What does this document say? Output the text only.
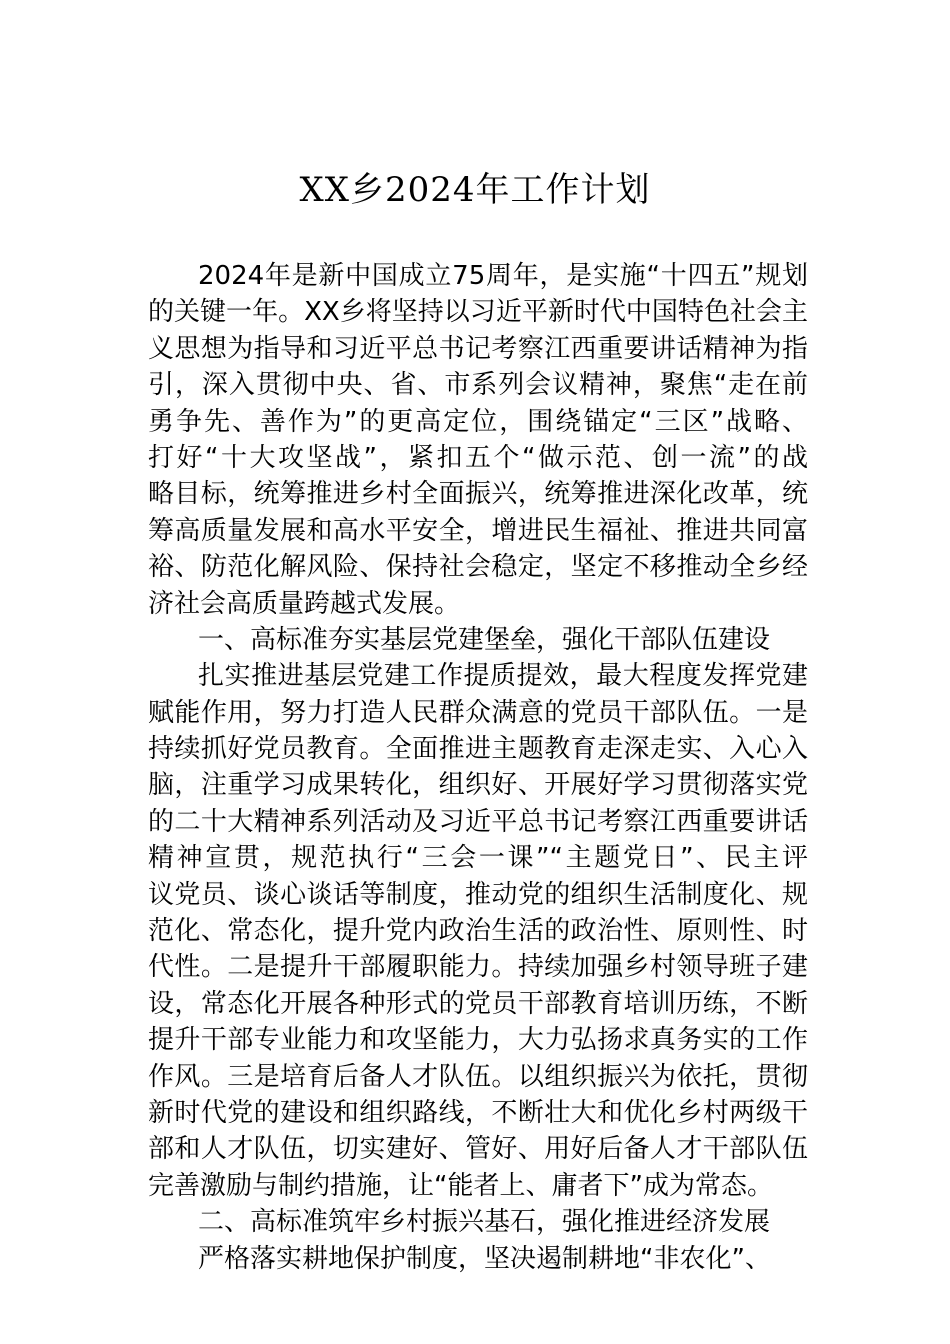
XX乡2024年工作计划
2024年是新中国成立75周年，是实施“十四五”规划
的关键一年。XX乡将坚持以习近平新时代中国特色社会主
义思想为指导和习近平总书记考察江西重要讲话精神为指
引，深入贯彻中央、省、市系列会议精神，聚焦“走在前
勇争先、善作为”的更高定位，围绕锚定“三区”战略、
打好“十大攻坚战”，紧扣五个“做示范、创一流”的战
略目标，统筹推进乡村全面振兴，统筹推进深化改革，统
筹高质量发展和高水平安全，增进民生福祉、推进共同富
裕、防范化解风险、保持社会稳定，坚定不移推动全乡经
济社会高质量跨越式发展。
一、高标准夯实基层党建堡垒，强化干部队伍建设
扎实推进基层党建工作提质提效，最大程度发挥党建
赋能作用，努力打造人民群众满意的党员干部队伍。一是
持续抓好党员教育。全面推进主题教育走深走实、入心入
脑，注重学习成果转化，组织好、开展好学习贯彻落实党
的二十大精神系列活动及习近平总书记考察江西重要讲话
精神宣贯，规范执行“三会一课”“主题党日”、民主评
议党员、谈心谈话等制度，推动党的组织生活制度化、规
范化、常态化，提升党内政治生活的政治性、原则性、时
代性。二是提升干部履职能力。持续加强乡村领导班子建
设，常态化开展各种形式的党员干部教育培训历练，不断
提升干部专业能力和攻坚能力，大力弘扬求真务实的工作
作风。三是培育后备人才队伍。以组织振兴为依托，贯彻
新时代党的建设和组织路线，不断壮大和优化乡村两级干
部和人才队伍，切实建好、管好、用好后备人才干部队伍
完善激励与制约措施，让“能者上、庸者下”成为常态。
二、高标准筑牢乡村振兴基石，强化推进经济发展
严格落实耕地保护制度，坚决遏制耕地“非农化”、
